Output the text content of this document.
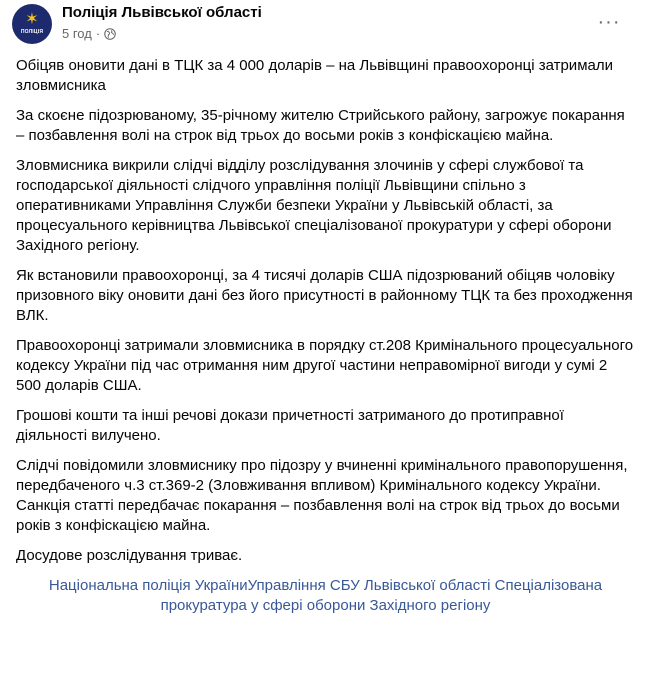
✶
ПОЛІЦІЯ
Поліція Львівської області
5 год ·
···

Обіцяв оновити дані в ТЦК за 4 000 доларів – на Львівщині правоохоронці затримали зловмисника

За скоєне підозрюваному, 35-річному жителю Стрийського району, загрожує покарання – позбавлення волі на строк від трьох до восьми років з конфіскацією майна.

Зловмисника викрили слідчі відділу розслідування злочинів у сфері службової та господарської діяльності слідчого управління поліції Львівщини спільно з оперативниками Управління Служби безпеки України у Львівській області, за процесуального керівництва Львівської спеціалізованої прокуратури у сфері оборони Західного регіону.

Як встановили правоохоронці, за 4 тисячі доларів США підозрюваний обіцяв чоловіку призовного віку оновити дані без його присутності в районному ТЦК та без проходження ВЛК.

Правоохоронці затримали зловмисника в порядку ст.208 Кримінального процесуального кодексу України під час отримання ним другої частини неправомірної вигоди у сумі 2 500 доларів США.

Грошові кошти та інші речові докази причетності затриманого до протиправної діяльності вилучено.

Слідчі повідомили зловмиснику про підозру у вчиненні кримінального правопорушення, передбаченого ч.3 ст.369-2 (Зловживання впливом) Кримінального кодексу України. Санкція статті передбачає покарання – позбавлення волі на строк від трьох до восьми років з конфіскацією майна.

Досудове розслідування триває.

Національна поліція УкраїниУправління СБУ Львівської області Спеціалізована прокуратура у сфері оборони Західного регіону
